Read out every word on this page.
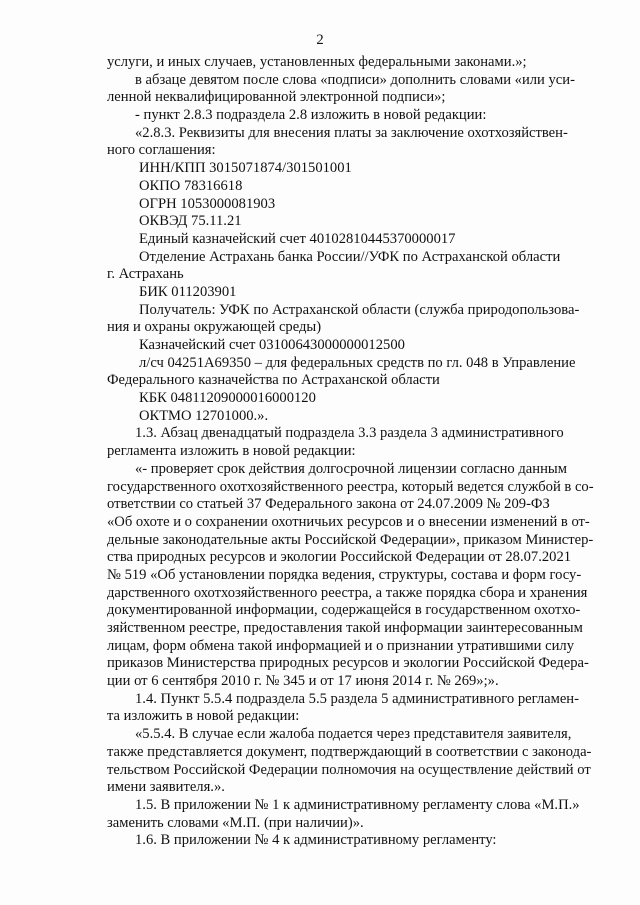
2
услуги, и иных случаев, установленных федеральными законами.»;
в абзаце девятом после слова «подписи» дополнить словами «или уси-
ленной неквалифицированной электронной подписи»;
- пункт 2.8.3 подраздела 2.8 изложить в новой редакции:
«2.8.3. Реквизиты для внесения платы за заключение охотхозяйствен-
ного соглашения:
ИНН/КПП 3015071874/301501001
ОКПО 78316618
ОГРН 1053000081903
ОКВЭД 75.11.21
Единый казначейский счет 40102810445370000017
Отделение Астрахань банка России//УФК по Астраханской области
г. Астрахань
БИК 011203901
Получатель: УФК по Астраханской области (служба природопользова-
ния и охраны окружающей среды)
Казначейский счет 03100643000000012500
л/сч 04251А69350 – для федеральных средств по гл. 048 в Управление
Федерального казначейства по Астраханской области
КБК 04811209000016000120
ОКТМО 12701000.».
1.3. Абзац двенадцатый подраздела 3.3 раздела 3 административного
регламента изложить в новой редакции:
«- проверяет срок действия долгосрочной лицензии согласно данным
государственного охотхозяйственного реестра, который ведется службой в со-
ответствии со статьей 37 Федерального закона от 24.07.2009 № 209-ФЗ
«Об охоте и о сохранении охотничьих ресурсов и о внесении изменений в от-
дельные законодательные акты Российской Федерации», приказом Министер-
ства природных ресурсов и экологии Российской Федерации от 28.07.2021
№ 519 «Об установлении порядка ведения, структуры, состава и форм госу-
дарственного охотхозяйственного реестра, а также порядка сбора и хранения
документированной информации, содержащейся в государственном охотхо-
зяйственном реестре, предоставления такой информации заинтересованным
лицам, форм обмена такой информацией и о признании утратившими силу
приказов Министерства природных ресурсов и экологии Российской Федера-
ции от 6 сентября 2010 г. № 345 и от 17 июня 2014 г. № 269»;».
1.4. Пункт 5.5.4 подраздела 5.5 раздела 5 административного регламен-
та изложить в новой редакции:
«5.5.4. В случае если жалоба подается через представителя заявителя,
также представляется документ, подтверждающий в соответствии с законода-
тельством Российской Федерации полномочия на осуществление действий от
имени заявителя.».
1.5. В приложении № 1 к административному регламенту слова «М.П.»
заменить словами «М.П. (при наличии)».
1.6. В приложении № 4 к административному регламенту:
